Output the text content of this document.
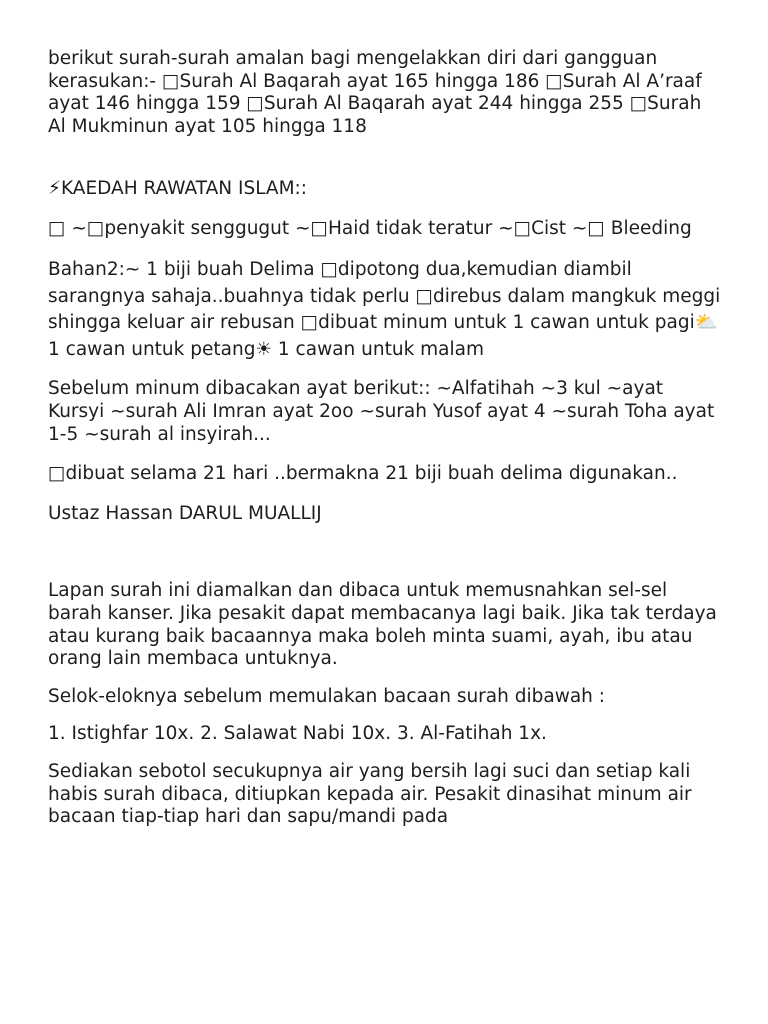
berikut surah-surah amalan bagi mengelakkan diri dari gangguan kerasukan:- □Surah Al Baqarah ayat 165 hingga 186 □Surah Al A’raaf ayat 146 hingga 159 □Surah Al Baqarah ayat 244 hingga 255 □Surah Al Mukminun ayat 105 hingga 118

⚡KAEDAH RAWATAN ISLAM::

□ ~□penyakit senggugut ~□Haid tidak teratur ~□Cist ~□ Bleeding

Bahan2:~ 1 biji buah Delima □dipotong dua,kemudian diambil sarangnya sahaja..buahnya tidak perlu □direbus dalam mangkuk meggi shingga keluar air rebusan □dibuat minum untuk 1 cawan untuk pagi⛅ 1 cawan untuk petang☀ 1 cawan untuk malam

Sebelum minum dibacakan ayat berikut:: ~Alfatihah ~3 kul ~ayat Kursyi ~surah Ali Imran ayat 2oo ~surah Yusof ayat 4 ~surah Toha ayat 1-5 ~surah al insyirah...

□dibuat selama 21 hari ..bermakna 21 biji buah delima digunakan..

Ustaz Hassan DARUL MUALLIJ

Lapan surah ini diamalkan dan dibaca untuk memusnahkan sel-sel barah kanser. Jika pesakit dapat membacanya lagi baik. Jika tak terdaya atau kurang baik bacaannya maka boleh minta suami, ayah, ibu atau orang lain membaca untuknya.

Selok-eloknya sebelum memulakan bacaan surah dibawah :

1. Istighfar 10x. 2. Salawat Nabi 10x. 3. Al-Fatihah 1x.

Sediakan sebotol secukupnya air yang bersih lagi suci dan setiap kali habis surah dibaca, ditiupkan kepada air. Pesakit dinasihat minum air bacaan tiap-tiap hari dan sapu/mandi pada
